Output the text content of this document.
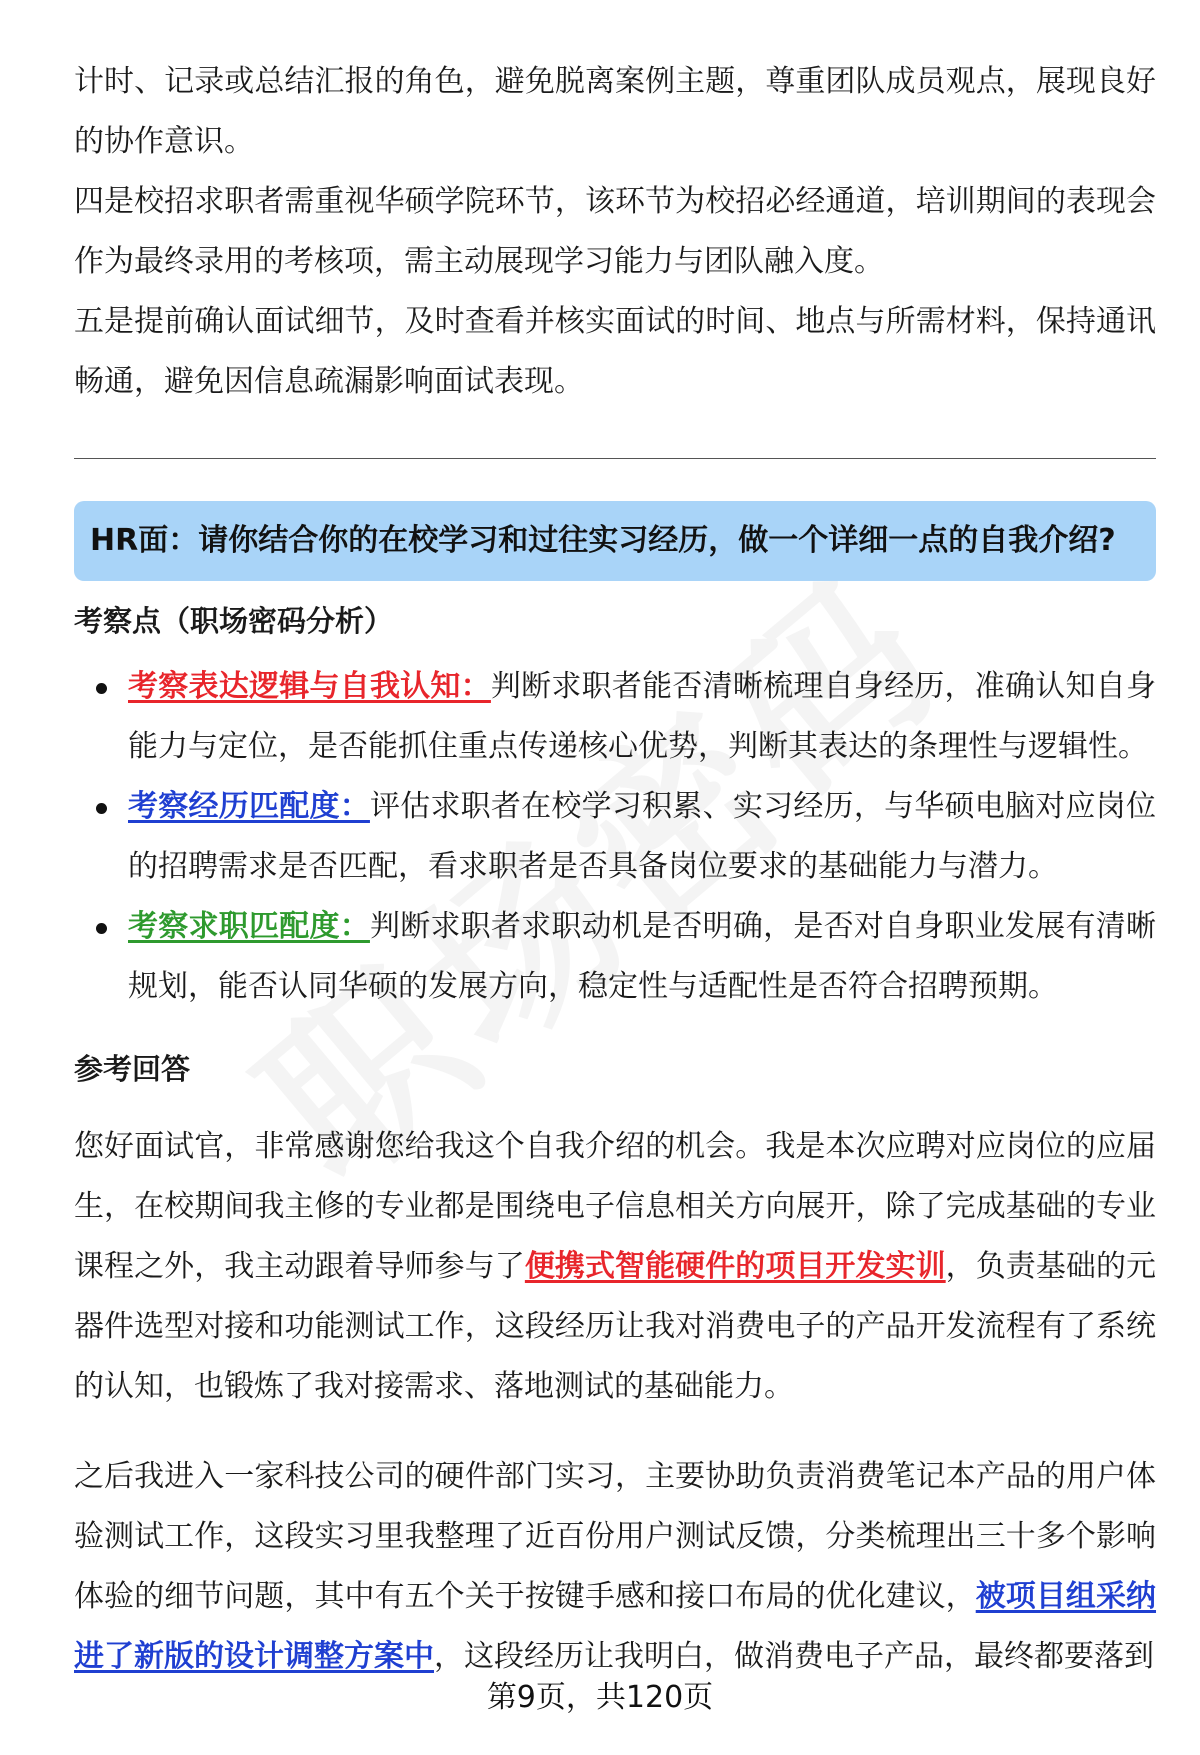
计时、记录或总结汇报的角色，避免脱离案例主题，尊重团队成员观点，展现良好的协作意识。

四是校招求职者需重视华硕学院环节，该环节为校招必经通道，培训期间的表现会作为最终录用的考核项，需主动展现学习能力与团队融入度。

五是提前确认面试细节，及时查看并核实面试的时间、地点与所需材料，保持通讯畅通，避免因信息疏漏影响面试表现。

HR面：请你结合你的在校学习和过往实习经历，做一个详细一点的自我介绍?
考察点（职场密码分析）
考察表达逻辑与自我认知：判断求职者能否清晰梳理自身经历，准确认知自身能力与定位，是否能抓住重点传递核心优势，判断其表达的条理性与逻辑性。
考察经历匹配度：评估求职者在校学习积累、实习经历，与华硕电脑对应岗位的招聘需求是否匹配，看求职者是否具备岗位要求的基础能力与潜力。
考察求职匹配度：判断求职者求职动机是否明确，是否对自身职业发展有清晰规划，能否认同华硕的发展方向，稳定性与适配性是否符合招聘预期。
参考回答

您好面试官，非常感谢您给我这个自我介绍的机会。我是本次应聘对应岗位的应届生，在校期间我主修的专业都是围绕电子信息相关方向展开，除了完成基础的专业课程之外，我主动跟着导师参与了便携式智能硬件的项目开发实训，负责基础的元器件选型对接和功能测试工作，这段经历让我对消费电子的产品开发流程有了系统的认知，也锻炼了我对接需求、落地测试的基础能力。

之后我进入一家科技公司的硬件部门实习，主要协助负责消费笔记本产品的用户体验测试工作，这段实习里我整理了近百份用户测试反馈，分类梳理出三十多个影响体验的细节问题，其中有五个关于按键手感和接口布局的优化建议，被项目组采纳进了新版的设计调整方案中，这段经历让我明白，做消费电子产品，最终都要落到

第9页，共120页
